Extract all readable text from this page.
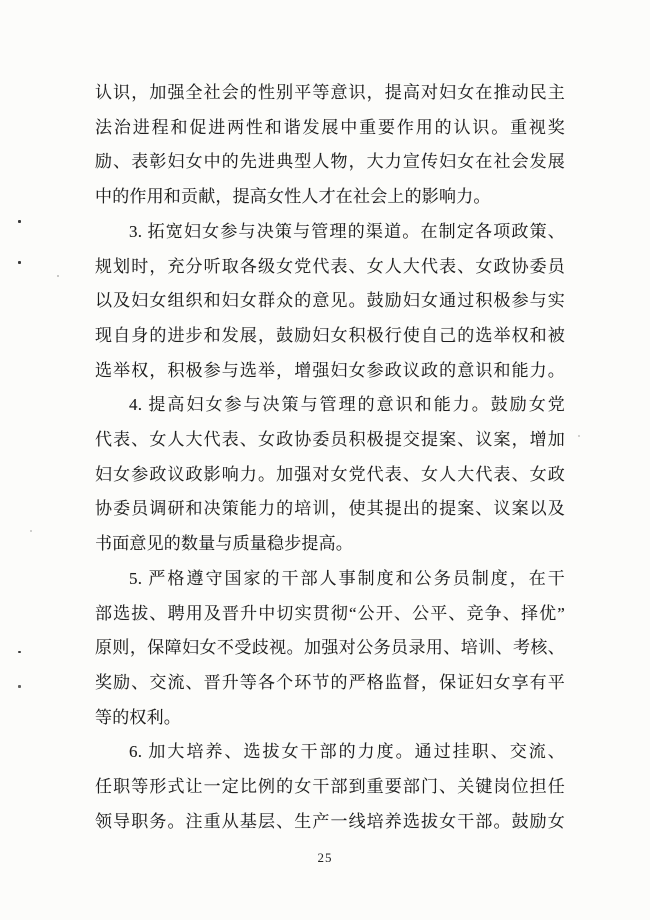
认识，加强全社会的性别平等意识，提高对妇女在推动民主
法治进程和促进两性和谐发展中重要作用的认识。重视奖
励、表彰妇女中的先进典型人物，大力宣传妇女在社会发展
中的作用和贡献，提高女性人才在社会上的影响力。

3. 拓宽妇女参与决策与管理的渠道。在制定各项政策、
规划时，充分听取各级女党代表、女人大代表、女政协委员
以及妇女组织和妇女群众的意见。鼓励妇女通过积极参与实
现自身的进步和发展，鼓励妇女积极行使自己的选举权和被
选举权，积极参与选举，增强妇女参政议政的意识和能力。

4. 提高妇女参与决策与管理的意识和能力。鼓励女党
代表、女人大代表、女政协委员积极提交提案、议案，增加
妇女参政议政影响力。加强对女党代表、女人大代表、女政
协委员调研和决策能力的培训，使其提出的提案、议案以及
书面意见的数量与质量稳步提高。

5. 严格遵守国家的干部人事制度和公务员制度，在干
部选拔、聘用及晋升中切实贯彻“公开、公平、竞争、择优”
原则，保障妇女不受歧视。加强对公务员录用、培训、考核、
奖励、交流、晋升等各个环节的严格监督，保证妇女享有平
等的权利。

6. 加大培养、选拔女干部的力度。通过挂职、交流、
任职等形式让一定比例的女干部到重要部门、关键岗位担任
领导职务。注重从基层、生产一线培养选拔女干部。鼓励女

25
